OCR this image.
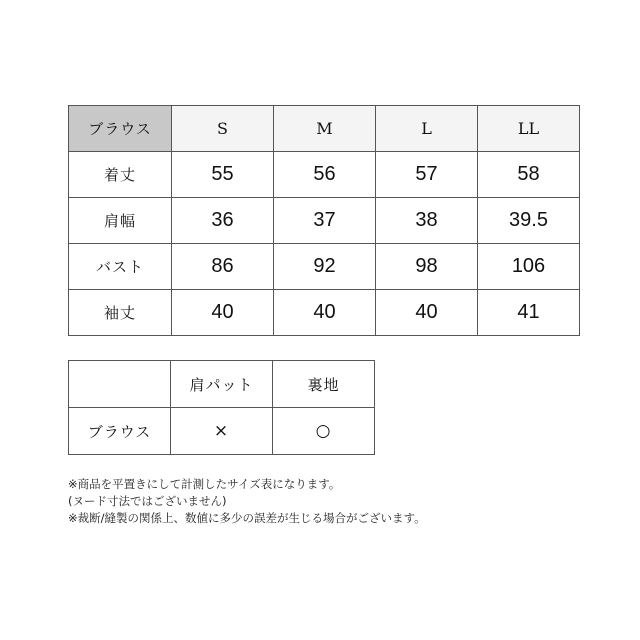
ブラウス	S	M	L	LL
着丈	55	56	57	58
肩幅	36	37	38	39.5
バスト	86	92	98	106
袖丈	40	40	40	41
	肩パット	裏地
ブラウス	×	○
※商品を平置きにして計測したサイズ表になります。
(ヌード寸法ではございません)
※裁断/縫製の関係上、数値に多少の誤差が生じる場合がございます。
